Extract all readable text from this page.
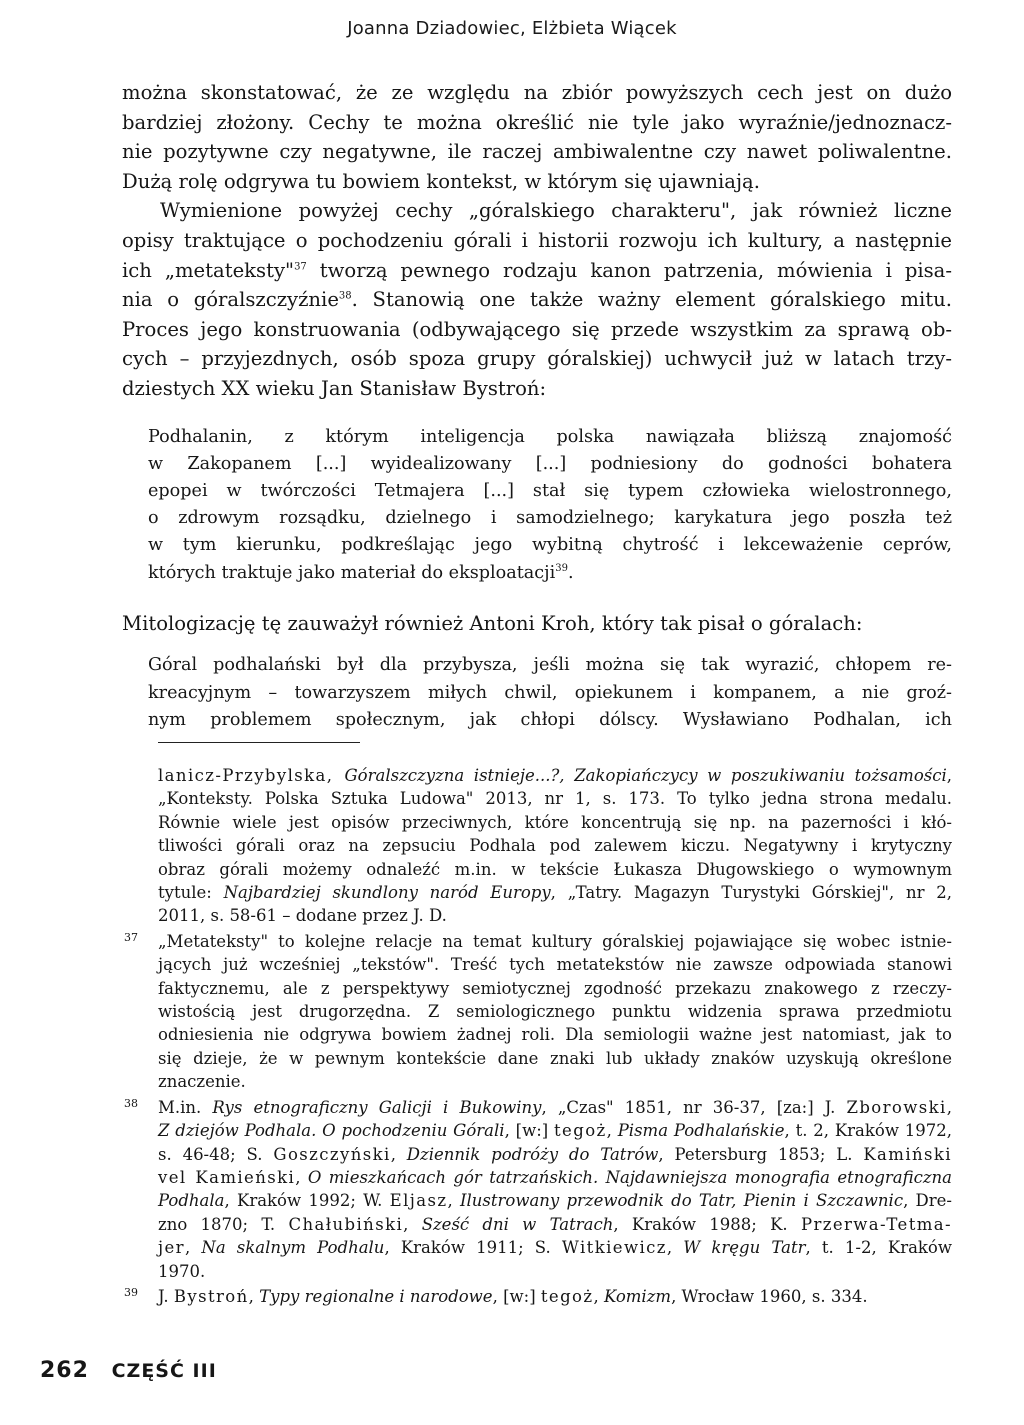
Joanna Dziadowiec, Elżbieta Wiącek
można skonstatować, że ze względu na zbiór powyższych cech jest on dużo
bardziej złożony. Cechy te można określić nie tyle jako wyraźnie/jednoznacz-
nie pozytywne czy negatywne, ile raczej ambiwalentne czy nawet poliwalentne.
Dużą rolę odgrywa tu bowiem kontekst, w którym się ujawniają.
Wymienione powyżej cechy „góralskiego charakteru", jak również liczne
opisy traktujące o pochodzeniu górali i historii rozwoju ich kultury, a następnie
ich „metateksty"$^{37}$ tworzą pewnego rodzaju kanon patrzenia, mówienia i pisa-
nia o góralszczyźnie$^{38}$. Stanowią one także ważny element góralskiego mitu.
Proces jego konstruowania (odbywającego się przede wszystkim za sprawą ob-
cych – przyjezdnych, osób spoza grupy góralskiej) uchwycił już w latach trzy-
dziestych XX wieku Jan Stanisław Bystroń:
Podhalanin, z którym inteligencja polska nawiązała bliższą znajomość
w Zakopanem [...] wyidealizowany [...] podniesiony do godności bohatera
epopei w twórczości Tetmajera [...] stał się typem człowieka wielostronnego,
o zdrowym rozsądku, dzielnego i samodzielnego; karykatura jego poszła też
w tym kierunku, podkreślając jego wybitną chytrość i lekceważenie ceprów,
których traktuje jako materiał do eksploatacji$^{39}$.
Mitologizację tę zauważył również Antoni Kroh, który tak pisał o góralach:
Góral podhalański był dla przybysza, jeśli można się tak wyrazić, chłopem re-
kreacyjnym – towarzyszem miłych chwil, opiekunem i kompanem, a nie groź-
nym problemem społecznym, jak chłopi dólscy. Wysławiano Podhalan, ich
lanicz-Przybylska, Góralszczyzna istnieje...?, Zakopiańczycy w poszukiwaniu tożsamości,
„Konteksty. Polska Sztuka Ludowa" 2013, nr 1, s. 173. To tylko jedna strona medalu.
Równie wiele jest opisów przeciwnych, które koncentrują się np. na pazerności i kłó-
tliwości górali oraz na zepsuciu Podhala pod zalewem kiczu. Negatywny i krytyczny
obraz górali możemy odnaleźć m.in. w tekście Łukasza Długowskiego o wymownym
tytule: Najbardziej skundlony naród Europy, „Tatry. Magazyn Turystyki Górskiej", nr 2,
2011, s. 58-61 – dodane przez J. D.
37 „Metateksty" to kolejne relacje na temat kultury góralskiej pojawiające się wobec istnie-
jących już wcześniej „tekstów". Treść tych metatekstów nie zawsze odpowiada stanowi
faktycznemu, ale z perspektywy semiotycznej zgodność przekazu znakowego z rzeczy-
wistością jest drugorzędna. Z semiologicznego punktu widzenia sprawa przedmiotu
odniesienia nie odgrywa bowiem żadnej roli. Dla semiologii ważne jest natomiast, jak to
się dzieje, że w pewnym kontekście dane znaki lub układy znaków uzyskują określone
znaczenie.
38 M.in. Rys etnograficzny Galicji i Bukowiny, „Czas" 1851, nr 36-37, [za:] J. Zborowski,
Z dziejów Podhala. O pochodzeniu Górali, [w:] tegoż, Pisma Podhalańskie, t. 2, Kraków 1972,
s. 46-48; S. Goszczyński, Dziennik podróży do Tatrów, Petersburg 1853; L. Kamiński
vel Kamieński, O mieszkańcach gór tatrzańskich. Najdawniejsza monografia etnograficzna
Podhala, Kraków 1992; W. Eljasz, Ilustrowany przewodnik do Tatr, Pienin i Szczawnic, Dre-
zno 1870; T. Chałubiński, Sześć dni w Tatrach, Kraków 1988; K. Przerwa-Tetma-
jer, Na skalnym Podhalu, Kraków 1911; S. Witkiewicz, W kręgu Tatr, t. 1-2, Kraków
1970.
39 J. Bystroń, Typy regionalne i narodowe, [w:] tegoż, Komizm, Wrocław 1960, s. 334.
262 CZĘŚĆ III
